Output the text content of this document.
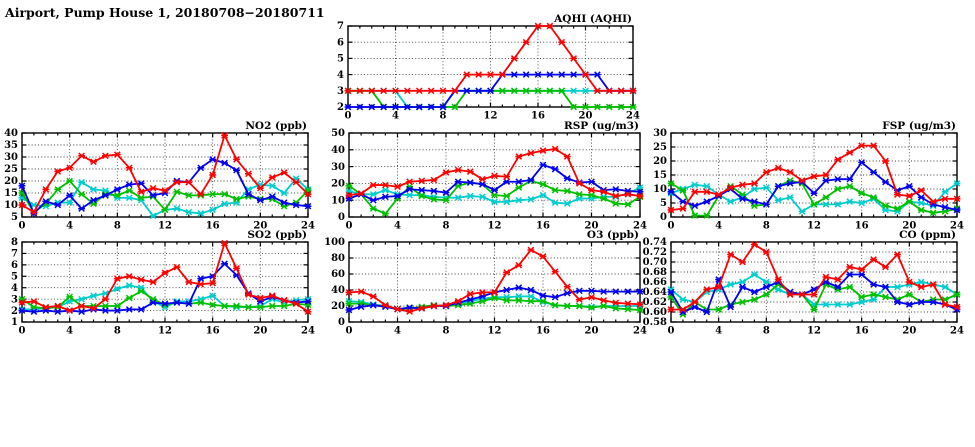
Airport, Pump House 1, 20180708−20180711
0	4	8	12	16	20	24
2
3
4
5
6
7
AQHI (AQHI)
0	4	8	12	16	20	24
5
10
15
20
25
30
35
40
NO2 (ppb)
0	4	8	12	16	20	24
0
10
20
30
40
50
RSP (ug/m3)
0	4	8	12	16	20	24
0
5
10
15
20
25
30
FSP (ug/m3)
0	4	8	12	16	20	24
1
2
3
4
5
6
7
8
SO2 (ppb)
0	4	8	12	16	20	24
0
20
40
60
80
100
O3 (ppb)
0	4	8	12	16	20	24
0.58
0.60
0.62
0.64
0.66
0.68
0.70
0.72
0.74
CO (ppm)
